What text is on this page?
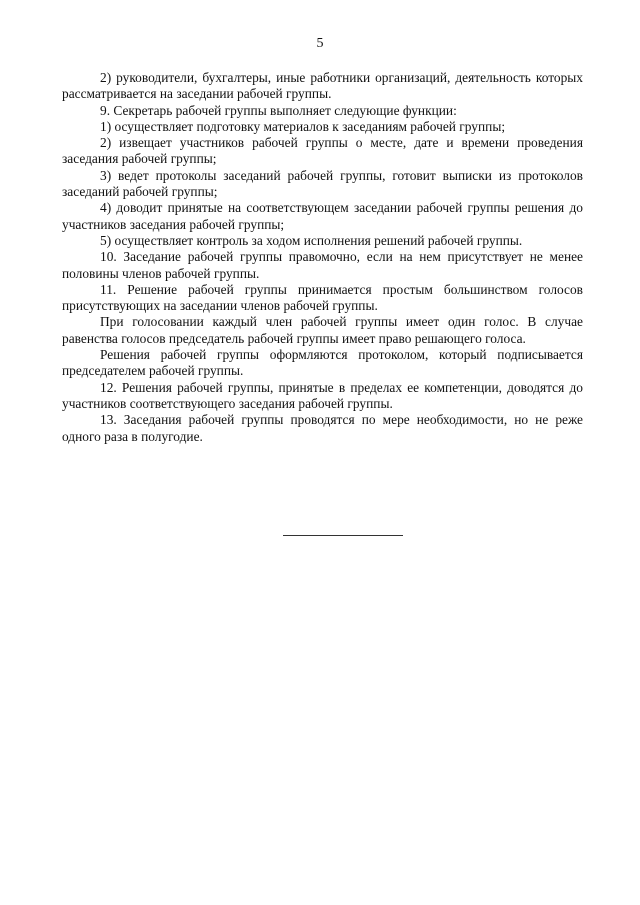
5

2) руководители, бухгалтеры, иные работники организаций, деятельность которых рассматривается на заседании рабочей группы.

9. Секретарь рабочей группы выполняет следующие функции:

1) осуществляет подготовку материалов к заседаниям рабочей группы;

2) извещает участников рабочей группы о месте, дате и времени проведения заседания рабочей группы;

3) ведет протоколы заседаний рабочей группы, готовит выписки из протоколов заседаний рабочей группы;

4) доводит принятые на соответствующем заседании рабочей группы решения до участников заседания рабочей группы;

5) осуществляет контроль за ходом исполнения решений рабочей группы.

10. Заседание рабочей группы правомочно, если на нем присутствует не менее половины членов рабочей группы.

11. Решение рабочей группы принимается простым большинством голосов присутствующих на заседании членов рабочей группы.

При голосовании каждый член рабочей группы имеет один голос. В случае равенства голосов председатель рабочей группы имеет право решающего голоса.

Решения рабочей группы оформляются протоколом, который подписывается председателем рабочей группы.

12. Решения рабочей группы, принятые в пределах ее компетенции, доводятся до участников соответствующего заседания рабочей группы.

13. Заседания рабочей группы проводятся по мере необходимости, но не реже одного раза в полугодие.
